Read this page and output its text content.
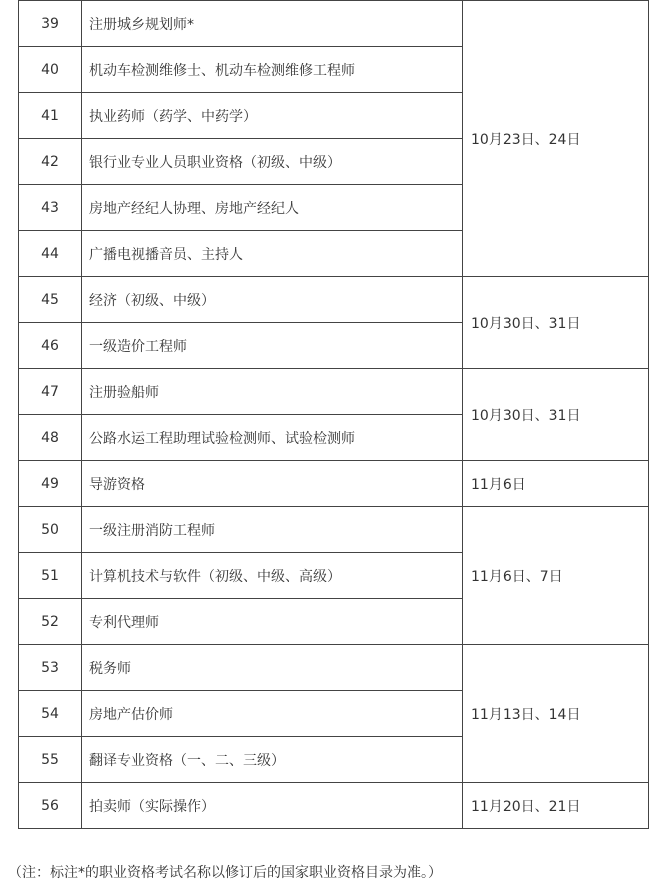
39	注册城乡规划师*	10月23日、24日
40	机动车检测维修士、机动车检测维修工程师	
41	执业药师（药学、中药学）	
42	银行业专业人员职业资格（初级、中级）	
43	房地产经纪人协理、房地产经纪人	
44	广播电视播音员、主持人	
45	经济（初级、中级）	10月30日、31日
46	一级造价工程师	
47	注册验船师	10月30日、31日
48	公路水运工程助理试验检测师、试验检测师	
49	导游资格	11月6日
50	一级注册消防工程师	11月6日、7日
51	计算机技术与软件（初级、中级、高级）	
52	专利代理师	
53	税务师	11月13日、14日
54	房地产估价师	
55	翻译专业资格（一、二、三级）	
56	拍卖师（实际操作）	11月20日、21日

（注：标注*的职业资格考试名称以修订后的国家职业资格目录为准。）
